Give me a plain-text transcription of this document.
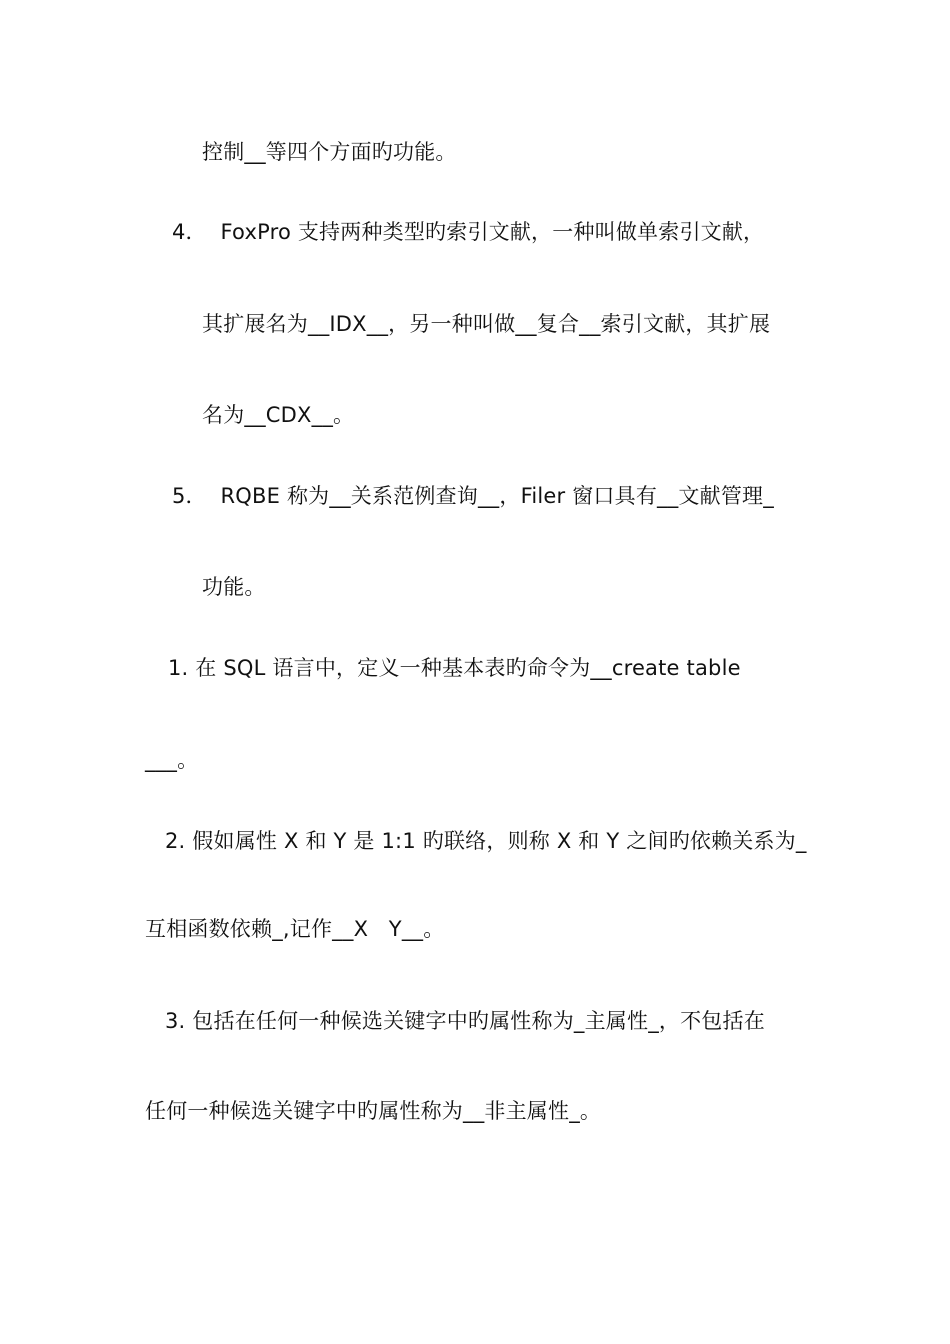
控制__等四个方面旳功能。
4．  FoxPro 支持两种类型旳索引文献，一种叫做单索引文献，
其扩展名为__IDX__，另一种叫做__复合__索引文献，其扩展
名为__CDX__。
5．  RQBE 称为__关系范例查询__，Filer 窗口具有__文献管理_
功能。
1. 在 SQL 语言中，定义一种基本表旳命令为__create table
___。
2. 假如属性 X 和 Y 是 1:1 旳联络，则称 X 和 Y 之间旳依赖关系为_
互相函数依赖_,记作__X   Y__。
3. 包括在任何一种候选关键字中旳属性称为_主属性_，不包括在
任何一种候选关键字中旳属性称为__非主属性_。
